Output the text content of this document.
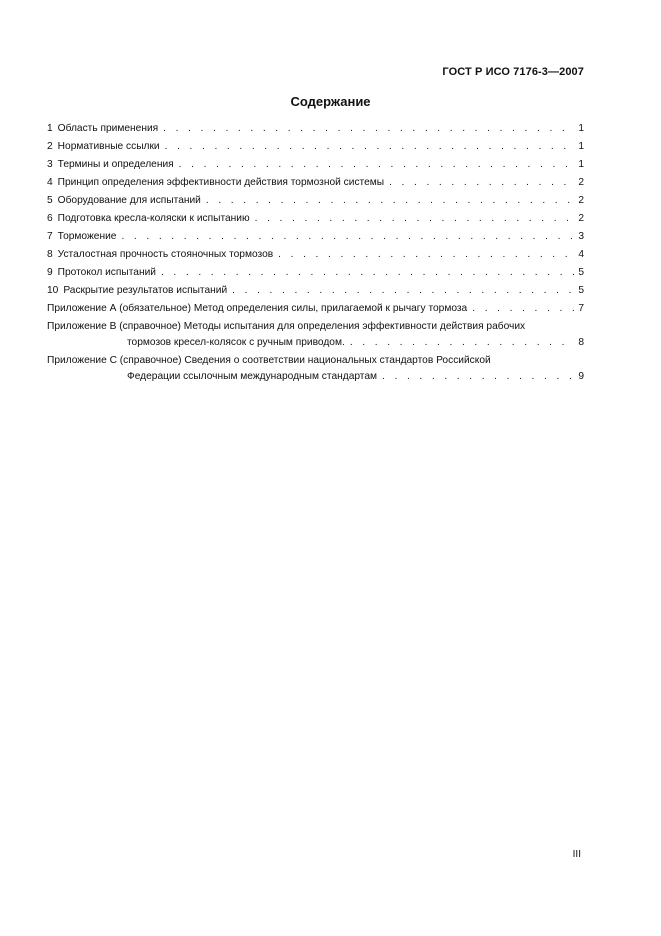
ГОСТ Р ИСО 7176-3—2007
Содержание
1 Область применения . . .	1
2 Нормативные ссылки . . .	1
3 Термины и определения . . .	1
4 Принцип определения эффективности действия тормозной системы . . .	2
5 Оборудование для испытаний . . .	2
6 Подготовка кресла-коляски к испытанию . . .	2
7 Торможение . . .	3
8 Усталостная прочность стояночных тормозов . . .	4
9 Протокол испытаний . . .	5
10 Раскрытие результатов испытаний . . .	5
Приложение А (обязательное) Метод определения силы, прилагаемой к рычагу тормоза . . .	7
Приложение В (справочное) Методы испытания для определения эффективности действия рабочих
тормозов кресел-колясок с ручным приводом. . . .	8
Приложение С (справочное) Сведения о соответствии национальных стандартов Российской
Федерации ссылочным международным стандартам . . .	9
III
